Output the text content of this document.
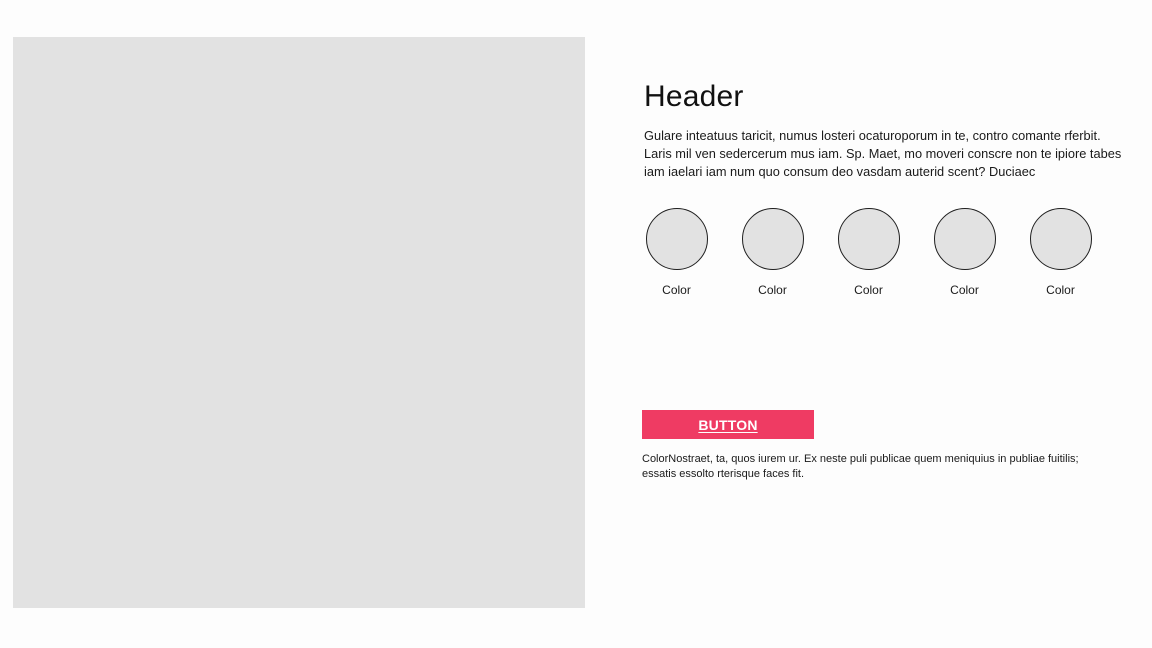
Header
Gulare inteatuus taricit, numus losteri ocaturoporum in te, contro comante rferbit.
Laris mil ven sedercerum mus iam. Sp. Maet, mo moveri conscre non te ipiore tabes iam iaelari iam num quo consum deo vasdam auterid scent? Duciaec
Color	Color	Color	Color	Color
BUTTON
ColorNostraet, ta, quos iurem ur. Ex neste puli publicae quem meniquius in publiae fuitilis;
essatis essolto rterisque faces fit.
